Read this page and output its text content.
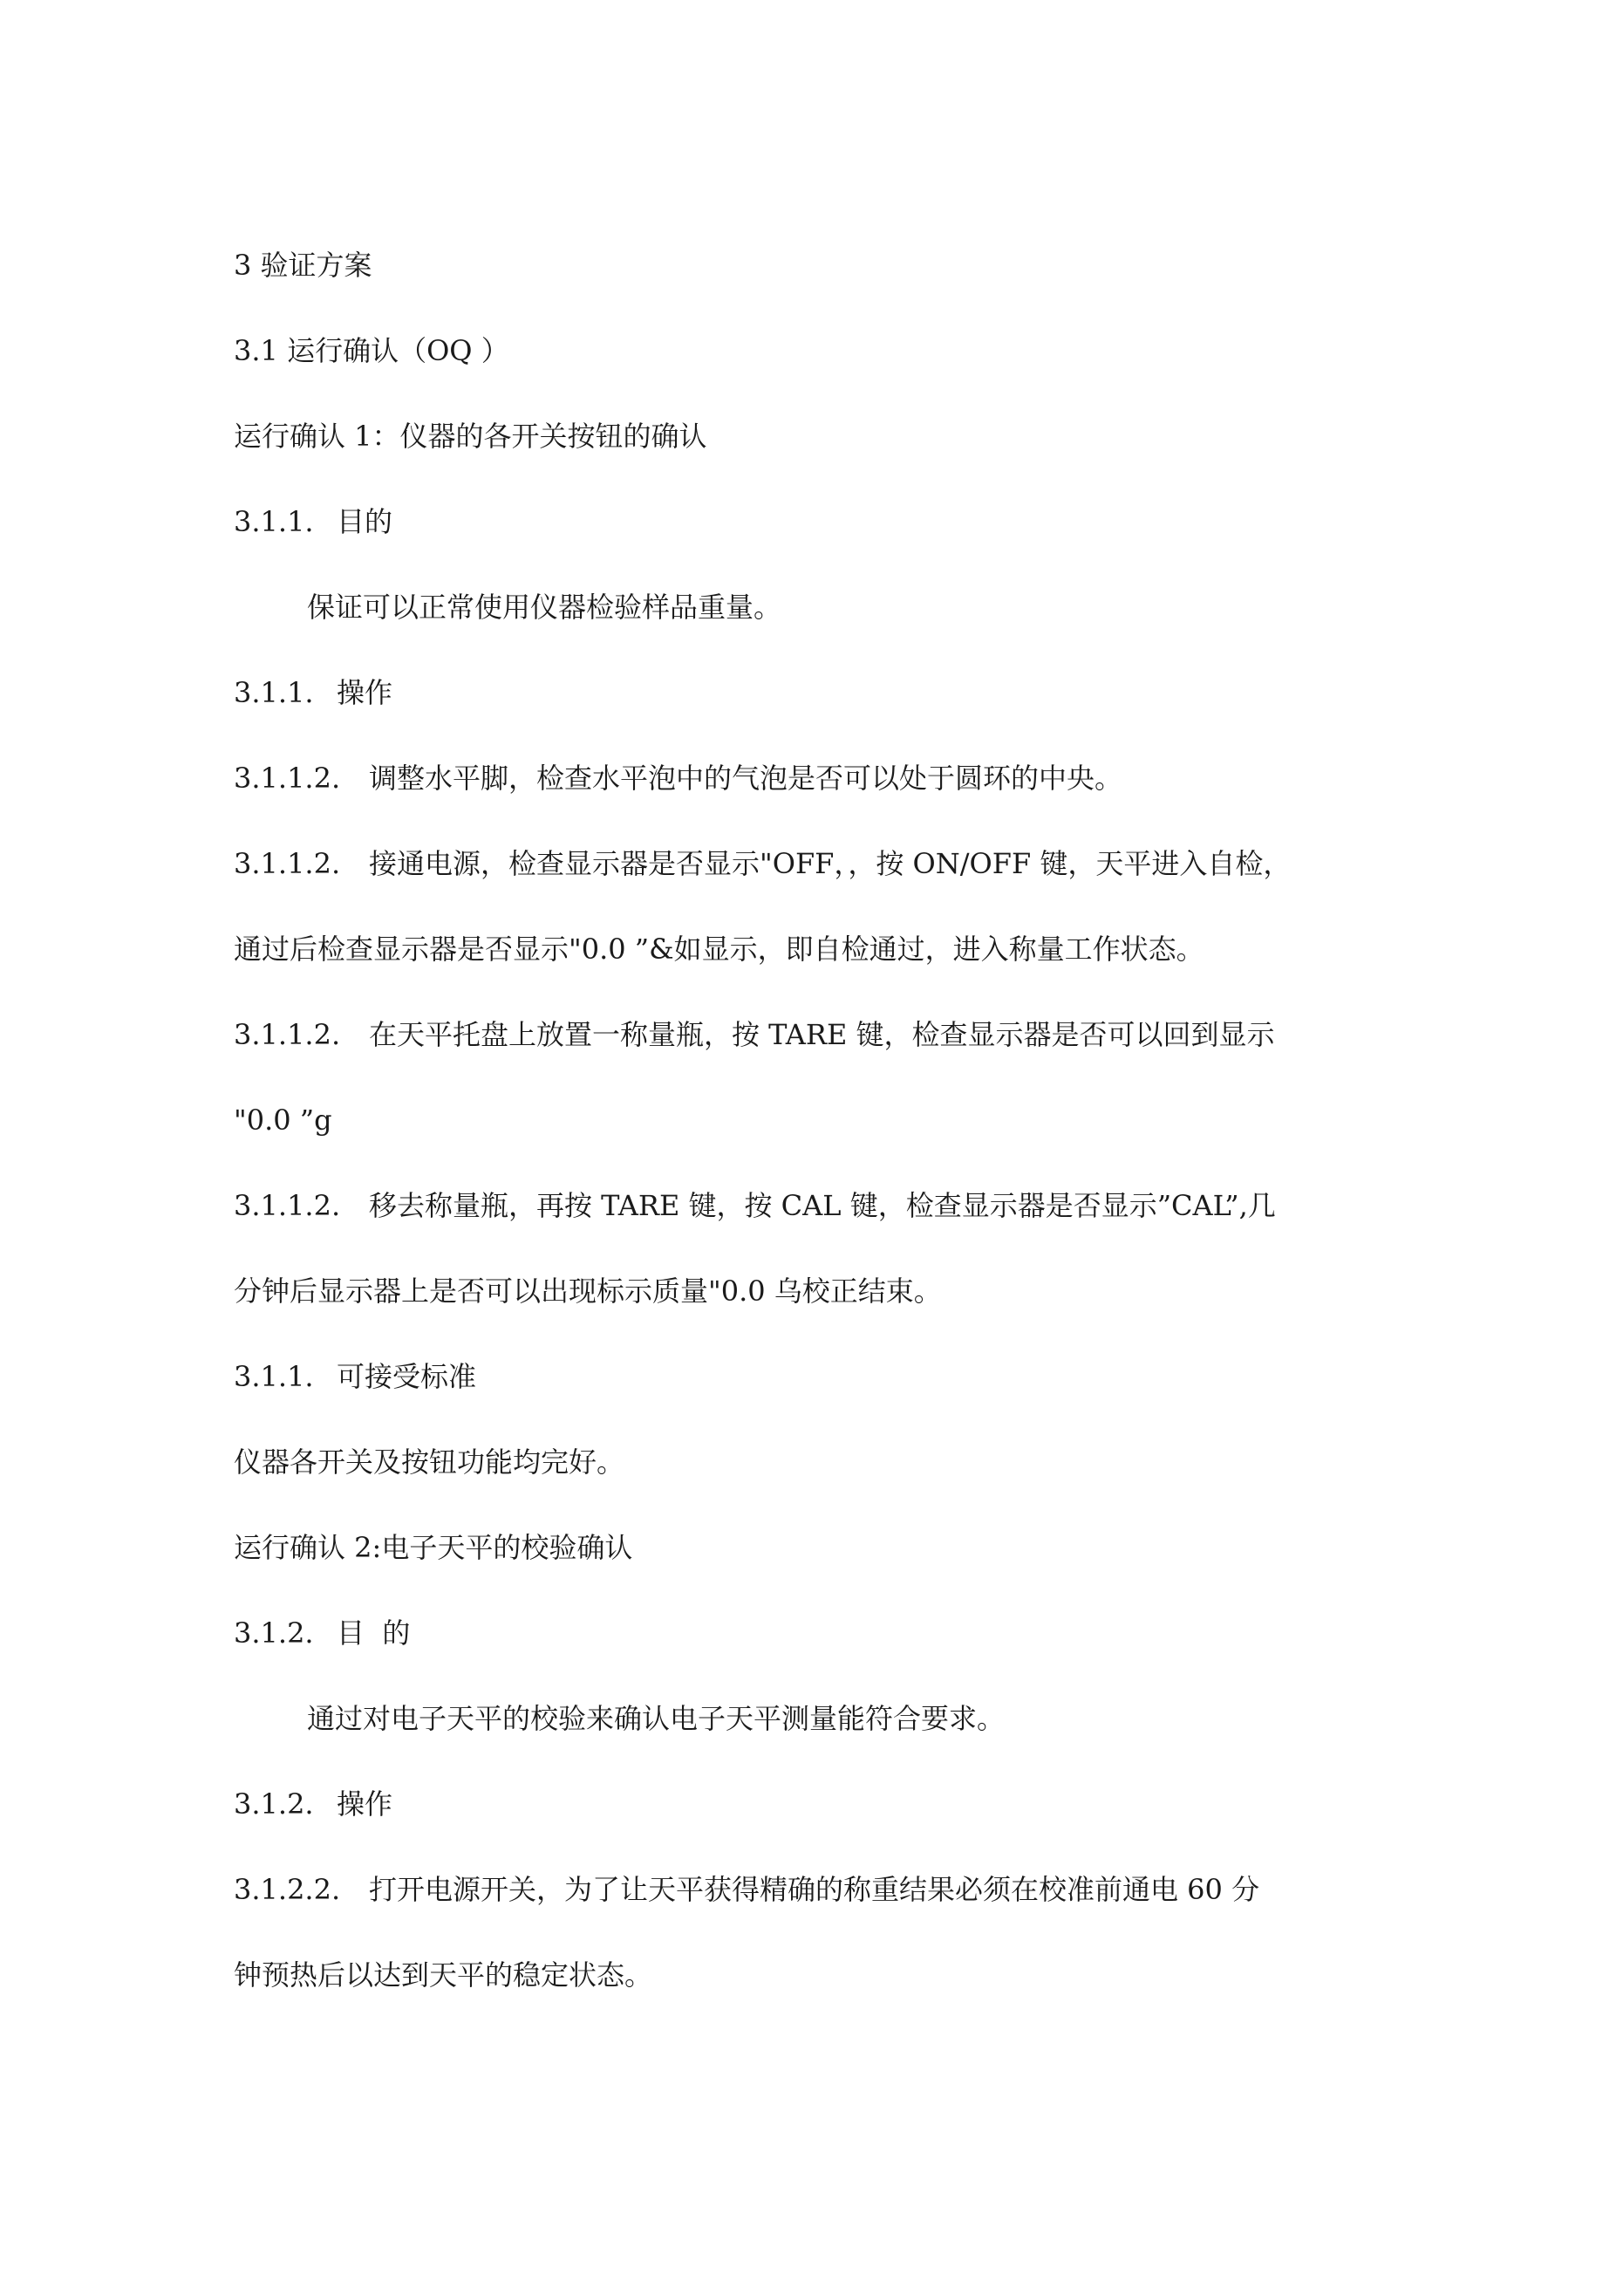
3 验证方案
3.1 运行确认（OQ ）
运行确认 1：仪器的各开关按钮的确认
3.1.1. 目的
保证可以正常使用仪器检验样品重量。
3.1.1. 操作
3.1.1.2. 调整水平脚，检查水平泡中的气泡是否可以处于圆环的中央。
3.1.1.2. 接通电源，检查显示器是否显示"OFF，，按 ON/OFF 键，天平进入自检，
通过后检查显示器是否显示"0.0 ”&如显示，即自检通过，进入称量工作状态。
3.1.1.2. 在天平托盘上放置一称量瓶，按 TARE 键，检查显示器是否可以回到显示
"0.0 ”g
3.1.1.2. 移去称量瓶，再按 TARE 键，按 CAL 键，检查显示器是否显示”CAL”,几
分钟后显示器上是否可以出现标示质量"0.0 乌校正结束。
3.1.1. 可接受标准
仪器各开关及按钮功能均完好。
运行确认 2:电子天平的校验确认
3.1.2. 目  的
通过对电子天平的校验来确认电子天平测量能符合要求。
3.1.2. 操作
3.1.2.2. 打开电源开关，为了让天平获得精确的称重结果必须在校准前通电 60 分
钟预热后以达到天平的稳定状态。
